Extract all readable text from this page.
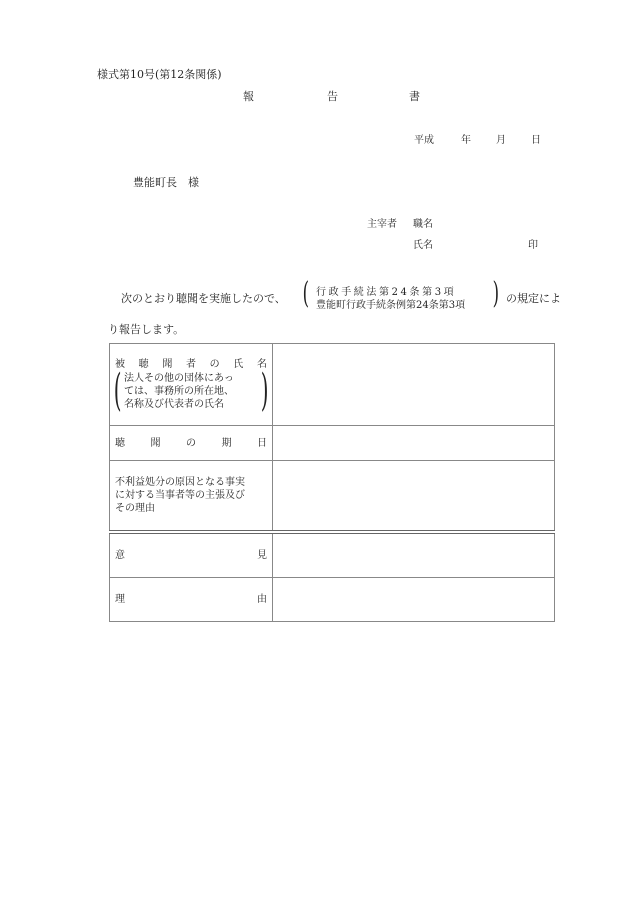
様式第10号(第12条関係)
報	告	書
平成	年	月	日
豊能町長　様
主宰者 職名
氏名	印
次のとおり聴聞を実施したので、 ( 行政手続法第24条第3項
豊能町行政手続条例第24条第3項 ) の規定によ
り報告します。
被 聴 聞 者 の 氏 名
( 法人その他の団体にあっ
ては、事務所の所在地、
名称及び代表者の氏名 )

聴 聞 の 期 日	

不利益処分の原因となる事実
に対する当事者等の主張及び
その理由	

意 見	

理 由	
